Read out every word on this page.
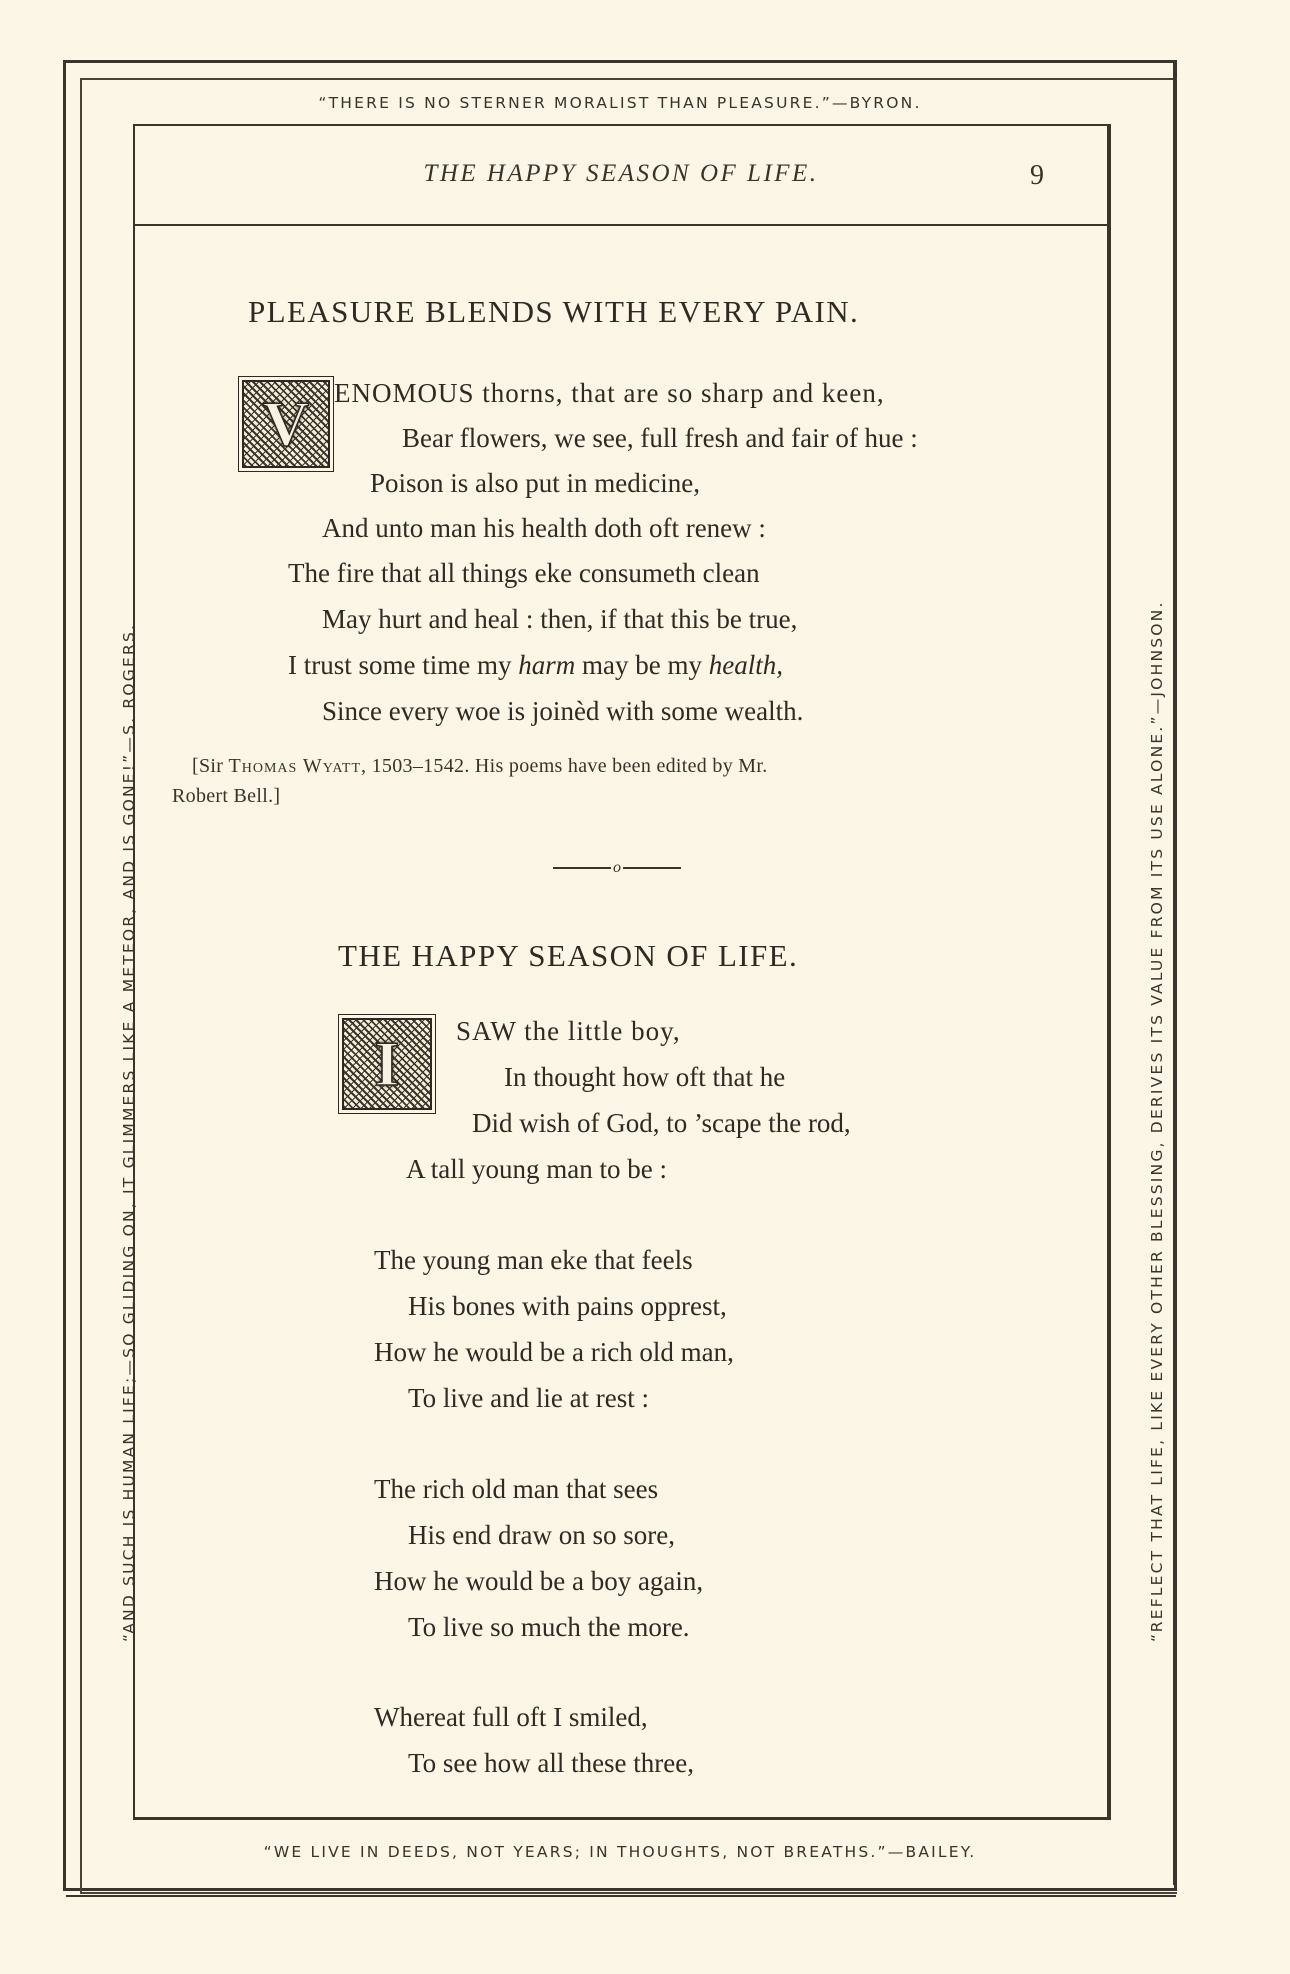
“THERE IS NO STERNER MORALIST THAN PLEASURE.”—BYRON.
“WE LIVE IN DEEDS, NOT YEARS; IN THOUGHTS, NOT BREATHS.”—BAILEY.
“AND SUCH IS HUMAN LIFE;—SO GLIDING ON, IT GLIMMERS LIKE A METEOR, AND IS GONE!”—S. ROGERS.	“REFLECT THAT LIFE, LIKE EVERY OTHER BLESSING, DERIVES ITS VALUE FROM ITS USE ALONE.”—JOHNSON.
THE HAPPY SEASON OF LIFE.	9
PLEASURE BLENDS WITH EVERY PAIN.
V ENOMOUS thorns, that are so sharp and keen,
Bear flowers, we see, full fresh and fair of hue :
Poison is also put in medicine,
And unto man his health doth oft renew :
The fire that all things eke consumeth clean
May hurt and heal : then, if that this be true,
I trust some time my harm may be my health,
Since every woe is joinèd with some wealth.
[Sir Thomas Wyatt, 1503–1542. His poems have been edited by Mr.
Robert Bell.]
o
THE HAPPY SEASON OF LIFE.
I SAW the little boy,
In thought how oft that he
Did wish of God, to ’scape the rod,
A tall young man to be :
The young man eke that feels
His bones with pains opprest,
How he would be a rich old man,
To live and lie at rest :
The rich old man that sees
His end draw on so sore,
How he would be a boy again,
To live so much the more.
Whereat full oft I smiled,
To see how all these three,
